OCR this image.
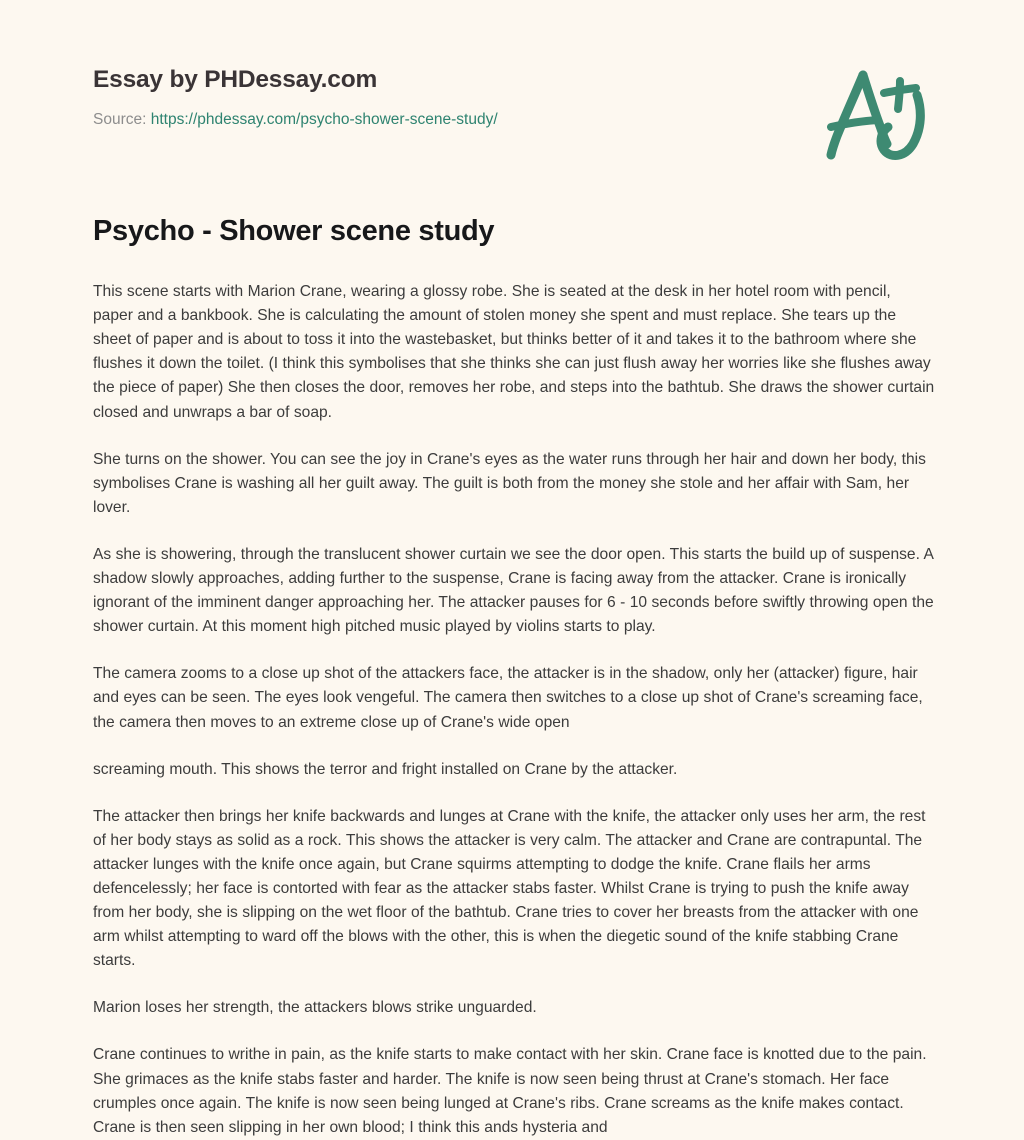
Essay by PHDessay.com
Source: https://phdessay.com/psycho-shower-scene-study/
Psycho - Shower scene study

This scene starts with Marion Crane, wearing a glossy robe. She is seated at the desk in her hotel room with pencil, paper and a bankbook. She is calculating the amount of stolen money she spent and must replace. She tears up the sheet of paper and is about to toss it into the wastebasket, but thinks better of it and takes it to the bathroom where she flushes it down the toilet. (I think this symbolises that she thinks she can just flush away her worries like she flushes away the piece of paper) She then closes the door, removes her robe, and steps into the bathtub. She draws the shower curtain closed and unwraps a bar of soap.

She turns on the shower. You can see the joy in Crane's eyes as the water runs through her hair and down her body, this symbolises Crane is washing all her guilt away. The guilt is both from the money she stole and her affair with Sam, her lover.

As she is showering, through the translucent shower curtain we see the door open. This starts the build up of suspense. A shadow slowly approaches, adding further to the suspense, Crane is facing away from the attacker. Crane is ironically ignorant of the imminent danger approaching her. The attacker pauses for 6 - 10 seconds before swiftly throwing open the shower curtain. At this moment high pitched music played by violins starts to play.

The camera zooms to a close up shot of the attackers face, the attacker is in the shadow, only her (attacker) figure, hair and eyes can be seen. The eyes look vengeful. The camera then switches to a close up shot of Crane's screaming face, the camera then moves to an extreme close up of Crane's wide open

screaming mouth. This shows the terror and fright installed on Crane by the attacker.

The attacker then brings her knife backwards and lunges at Crane with the knife, the attacker only uses her arm, the rest of her body stays as solid as a rock. This shows the attacker is very calm. The attacker and Crane are contrapuntal. The attacker lunges with the knife once again, but Crane squirms attempting to dodge the knife. Crane flails her arms defencelessly; her face is contorted with fear as the attacker stabs faster. Whilst Crane is trying to push the knife away from her body, she is slipping on the wet floor of the bathtub. Crane tries to cover her breasts from the attacker with one arm whilst attempting to ward off the blows with the other, this is when the diegetic sound of the knife stabbing Crane starts.

Marion loses her strength, the attackers blows strike unguarded.

Crane continues to writhe in pain, as the knife starts to make contact with her skin. Crane face is knotted due to the pain. She grimaces as the knife stabs faster and harder. The knife is now seen being thrust at Crane's stomach. Her face crumples once again. The knife is now seen being lunged at Crane's ribs. Crane screams as the knife makes contact. Crane is then seen slipping in her own blood; I think this ands hysteria and
